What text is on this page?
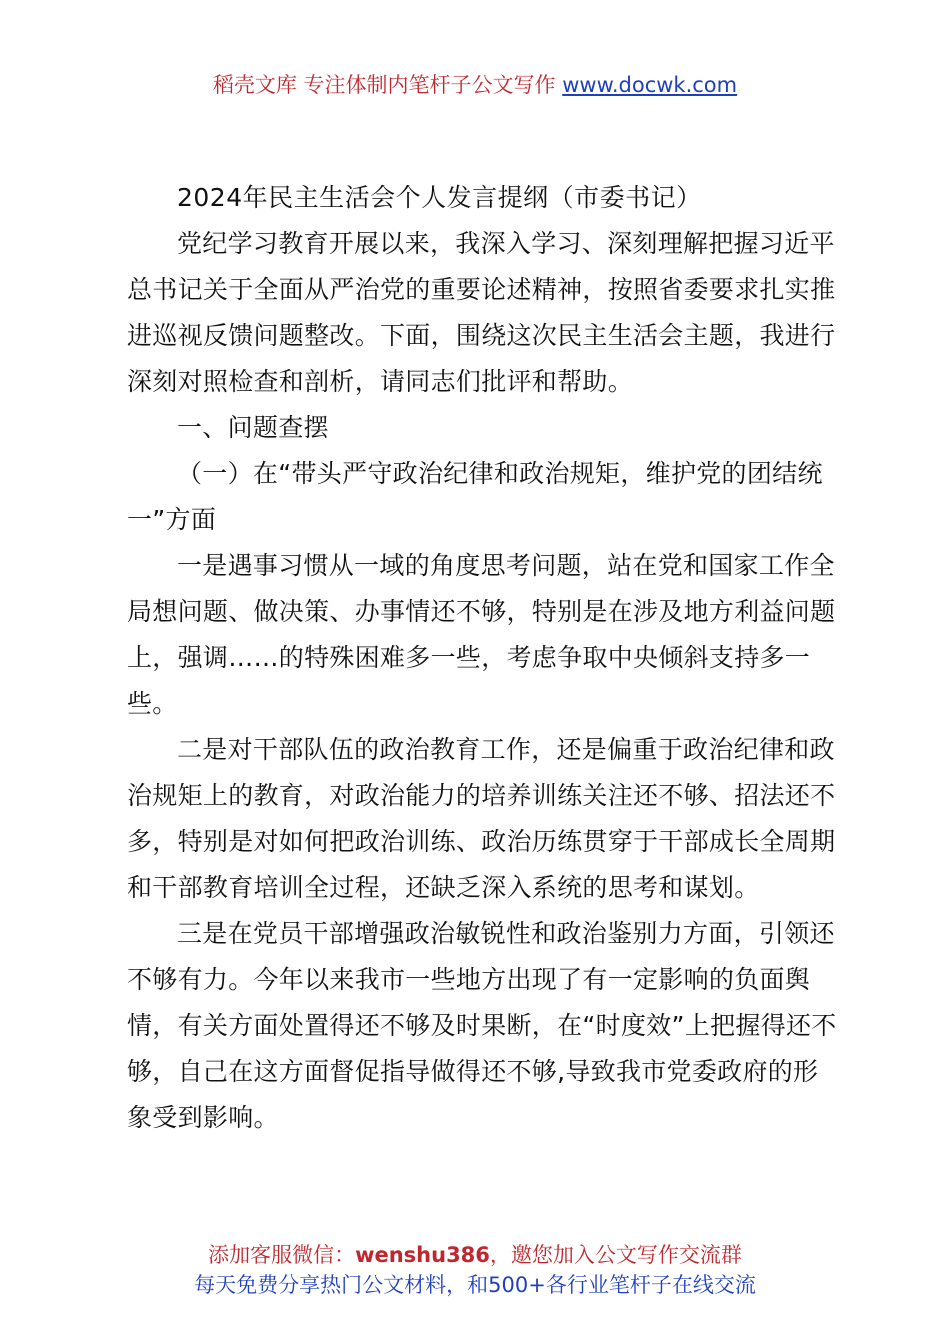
稻壳文库 专注体制内笔杆子公文写作 www.docwk.com

2024年民主生活会个人发言提纲（市委书记）

党纪学习教育开展以来，我深入学习、深刻理解把握习近平总书记关于全面从严治党的重要论述精神，按照省委要求扎实推进巡视反馈问题整改。下面，围绕这次民主生活会主题，我进行深刻对照检查和剖析，请同志们批评和帮助。

一、问题查摆

（一）在“带头严守政治纪律和政治规矩，维护党的团结统一”方面

一是遇事习惯从一域的角度思考问题，站在党和国家工作全局想问题、做决策、办事情还不够，特别是在涉及地方利益问题上，强调……的特殊困难多一些，考虑争取中央倾斜支持多一些。

二是对干部队伍的政治教育工作，还是偏重于政治纪律和政治规矩上的教育，对政治能力的培养训练关注还不够、招法还不多，特别是对如何把政治训练、政治历练贯穿于干部成长全周期和干部教育培训全过程，还缺乏深入系统的思考和谋划。

三是在党员干部增强政治敏锐性和政治鉴别力方面，引领还不够有力。今年以来我市一些地方出现了有一定影响的负面舆情，有关方面处置得还不够及时果断，在“时度效”上把握得还不够，自己在这方面督促指导做得还不够,导致我市党委政府的形象受到影响。

添加客服微信：wenshu386，邀您加入公文写作交流群
每天免费分享热门公文材料，和500+各行业笔杆子在线交流
